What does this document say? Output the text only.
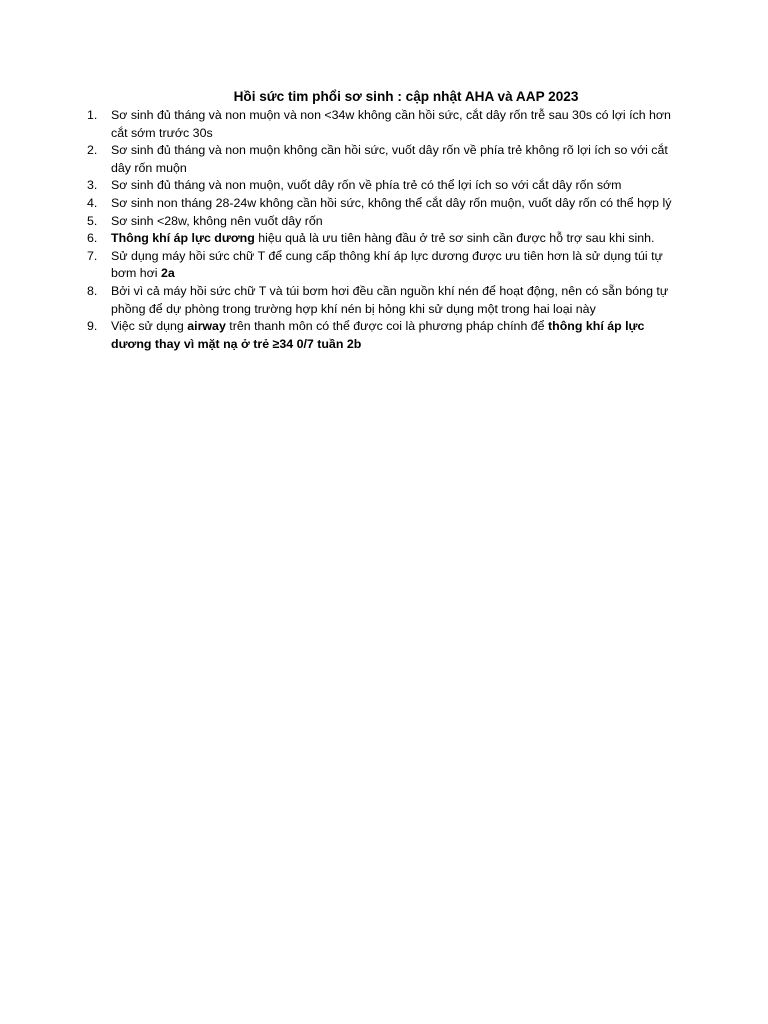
Hồi sức tim phổi sơ sinh : cập nhật AHA và AAP 2023
1. Sơ sinh đủ tháng và non muộn và non <34w không cần hồi sức, cắt dây rốn trễ sau 30s có lợi ích hơn cắt sớm trước 30s
2. Sơ sinh đủ tháng và non muộn không cần hồi sức, vuốt dây rốn về phía trẻ không rõ lợi ích so với cắt dây rốn muộn
3. Sơ sinh đủ tháng và non muộn, vuốt dây rốn về phía trẻ có thể lợi ích so với cắt dây rốn sớm
4. Sơ sinh non tháng 28-24w không cần hồi sức, không thể cắt dây rốn muộn, vuốt dây rốn có thể hợp lý
5. Sơ sinh <28w, không nên vuốt dây rốn
6. Thông khí áp lực dương hiệu quả là ưu tiên hàng đầu ở trẻ sơ sinh cần được hỗ trợ sau khi sinh.
7. Sử dụng máy hồi sức chữ T để cung cấp thông khí áp lực dương được ưu tiên hơn là sử dụng túi tự bơm hơi 2a
8. Bởi vì cả máy hồi sức chữ T và túi bơm hơi đều cần nguồn khí nén để hoạt động, nên có sẵn bóng tự phồng để dự phòng trong trường hợp khí nén bị hỏng khi sử dụng một trong hai loại này
9. Việc sử dụng airway trên thanh môn có thể được coi là phương pháp chính để thông khí áp lực dương thay vì mặt nạ ở trẻ ≥34 0/7 tuần 2b
